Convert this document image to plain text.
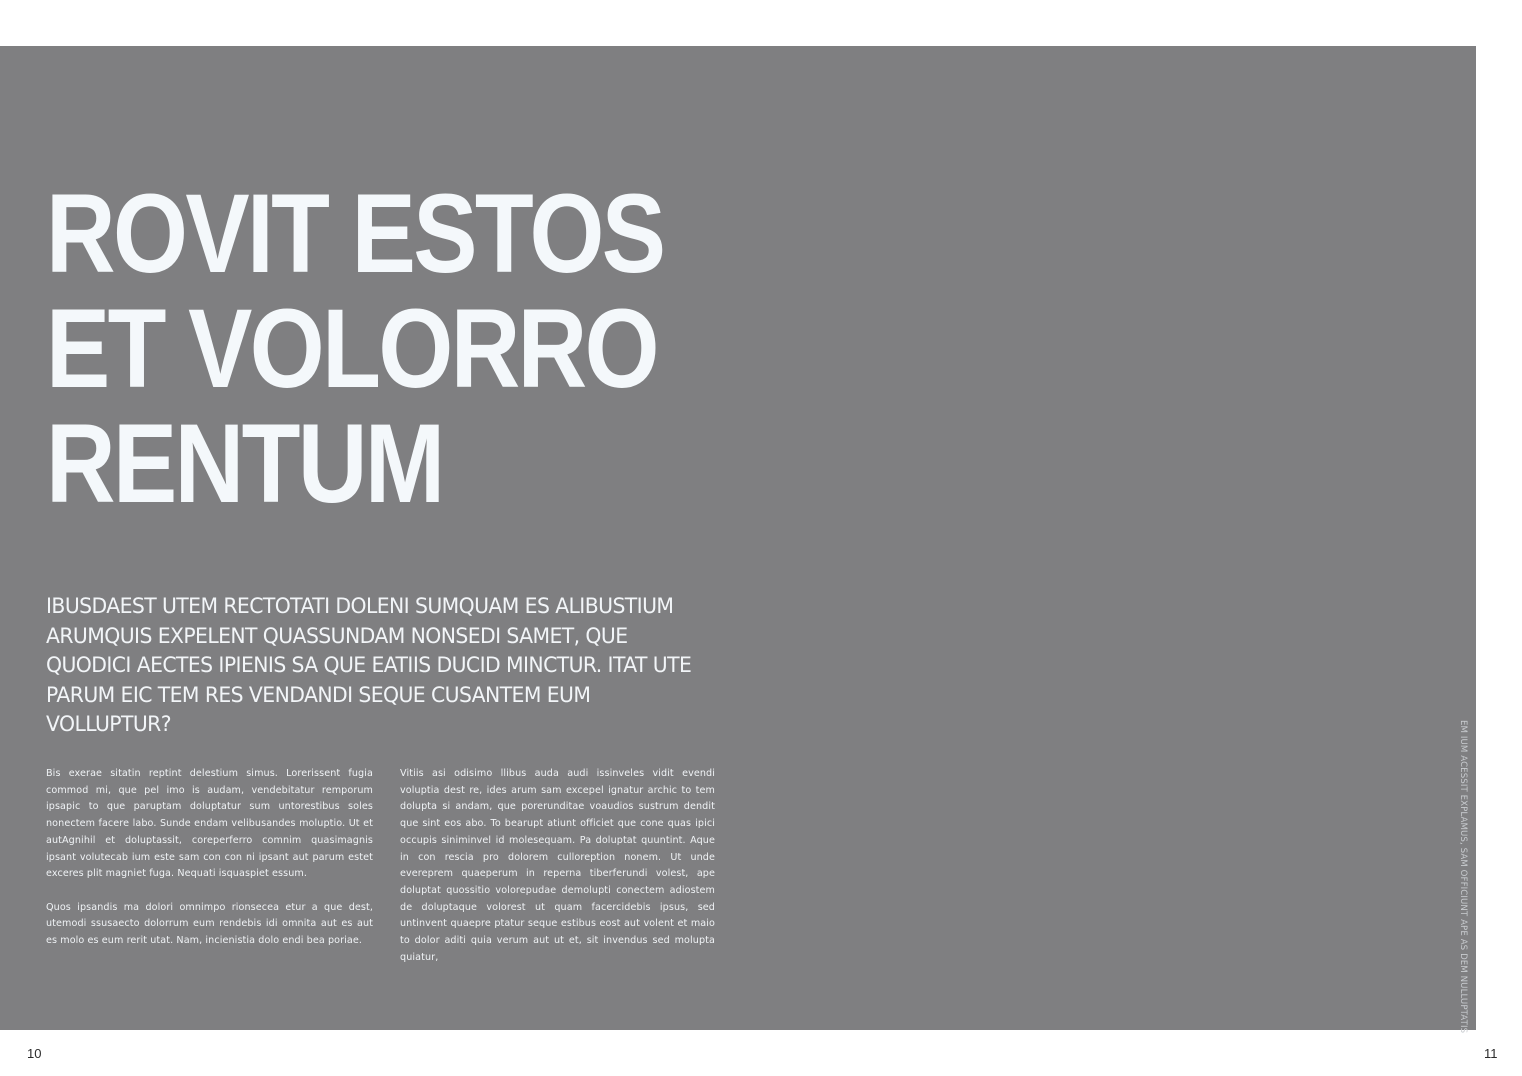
ROVIT ESTOS
ET VOLORRO
RENTUM

IBUSDAEST UTEM RECTOTATI DOLENI SUMQUAM ES ALIBUSTIUM ARUMQUIS EXPELENT QUASSUNDAM NONSEDI SAMET, QUE QUODICI AECTES IPIENIS SA QUE EATIIS DUCID MINCTUR. ITAT UTE PARUM EIC TEM RES VENDANDI SEQUE CUSANTEM EUM VOLLUPTUR?

Bis exerae sitatin reptint delestium simus. Lorerissent fugia commod mi, que pel imo is audam, vendebitatur remporum ipsapic to que paruptam doluptatur sum untorestibus soles nonectem facere labo. Sunde endam velibusandes moluptio. Ut et autAgnihil et doluptassit, coreperferro comnim quasimagnis ipsant volutecab ium este sam con con ni ipsant aut parum estet exceres plit magniet fuga. Nequati isquaspiet essum.

Quos ipsandis ma dolori omnimpo rionsecea etur a que dest, utemodi ssusaecto dolorrum eum rendebis idi omnita aut es aut es molo es eum rerit utat. Nam, incienistia dolo endi bea poriae.

Vitiis asi odisimo llibus auda audi issinveles vidit evendi voluptia dest re, ides arum sam excepel ignatur archic to tem dolupta si andam, que porerunditae voaudios sustrum dendit que sint eos abo. To bearupt atiunt officiet que cone quas ipici occupis siniminvel id molesequam. Pa doluptat quuntint. Aque in con rescia pro dolorem culloreption nonem. Ut unde evereprem quaeperum in reperna tiberferundi volest, ape doluptat quossitio volorepudae demolupti conectem adiostem de doluptaque volorest ut quam facercidebis ipsus, sed untinvent quaepre ptatur seque estibus eost aut volent et maio to dolor aditi quia verum aut ut et, sit invendus sed molupta quiatur,	EM IUM ACESSIT EXPLAMUS, SAM OFFICIUNT APE AS DEM NULLUPTATIS
10	11
